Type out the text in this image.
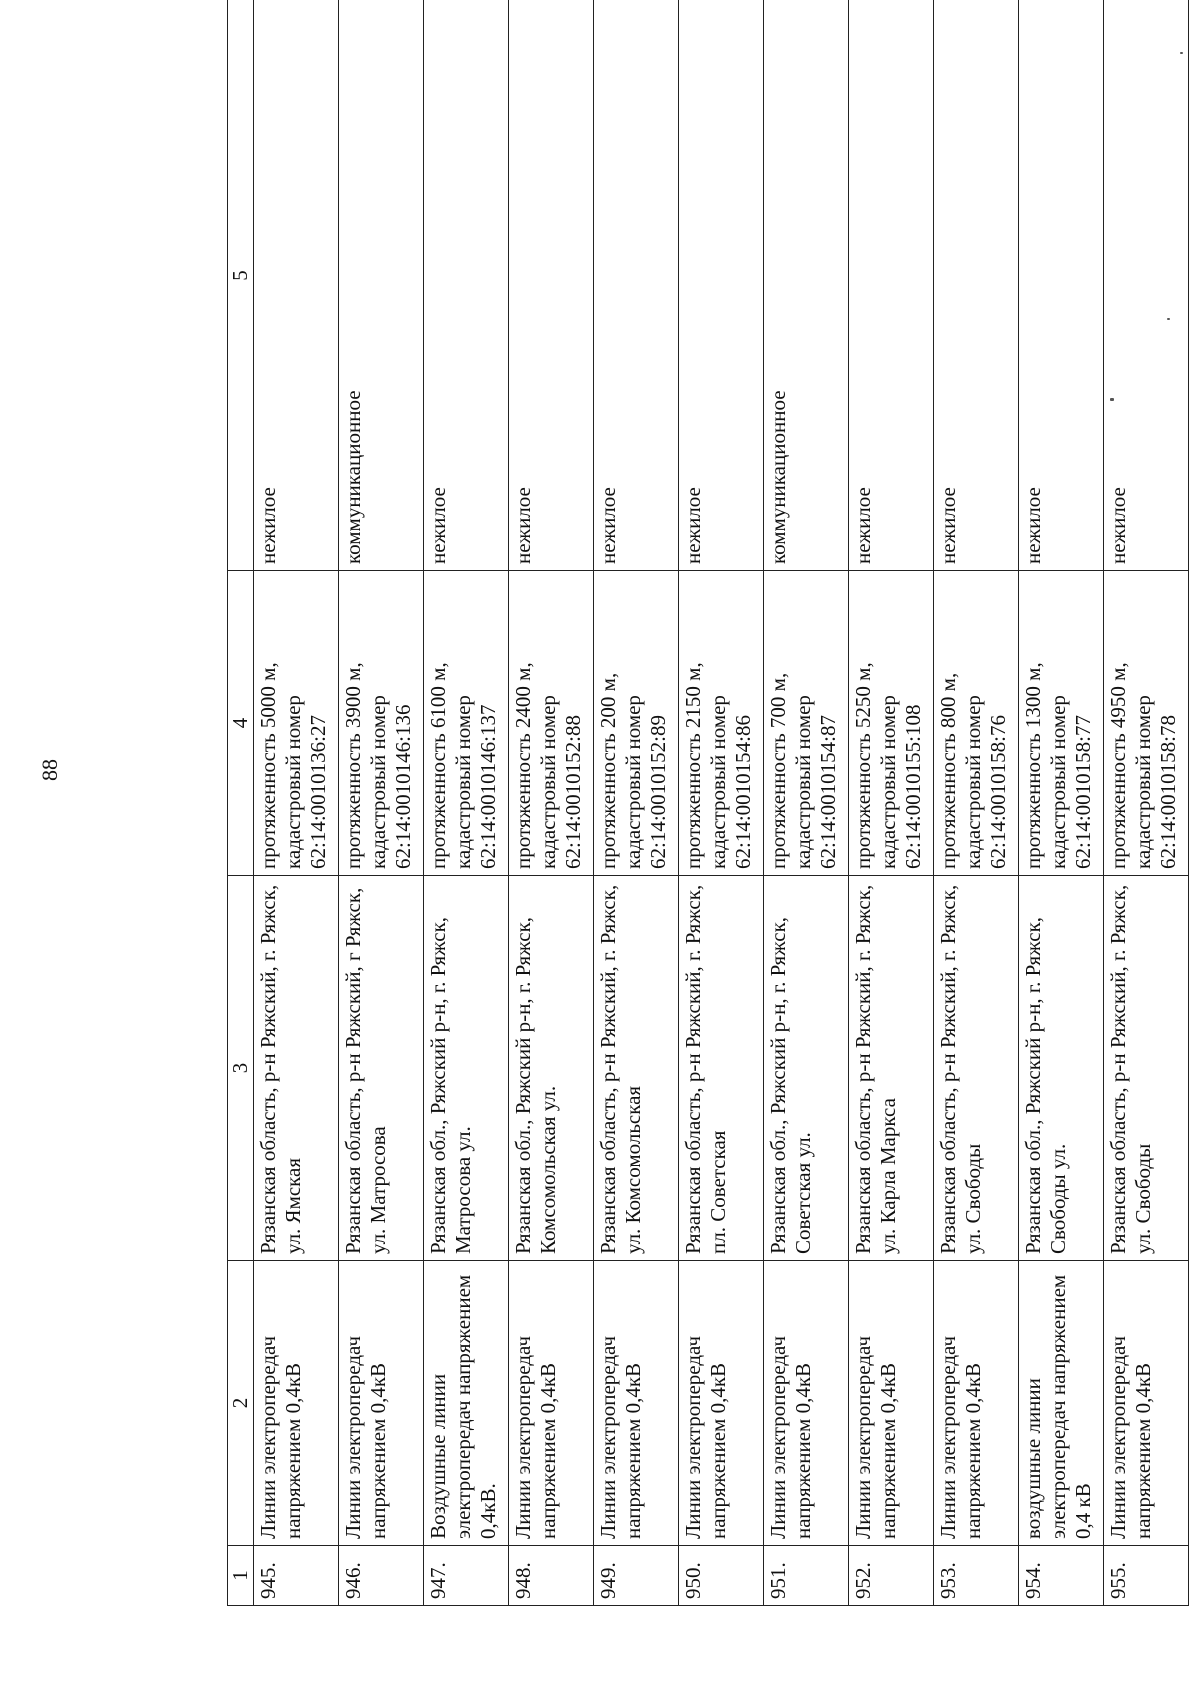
88
1	2	3	4	5
945.	Линии электропередач напряжением 0,4кВ	Рязанская область, р-н Ряжский, г. Ряжск, ул. Ямская	протяженность 5000 м, кадастровый номер 62:14:0010136:27	нежилое
946.	Линии электропередач напряжением 0,4кВ	Рязанская область, р-н Ряжский, г Ряжск, ул. Матросова	протяженность 3900 м, кадастровый номер 62:14:0010146:136	коммуникационное
947.	Воздушные линии электропередач напряжением 0,4кВ.	Рязанская обл., Ряжский р-н, г. Ряжск, Матросова ул.	протяженность 6100 м, кадастровый номер 62:14:0010146:137	нежилое
948.	Линии электропередач напряжением 0,4кВ	Рязанская обл., Ряжский р-н, г. Ряжск, Комсомольская ул.	протяженность 2400 м, кадастровый номер 62:14:0010152:88	нежилое
949.	Линии электропередач напряжением 0,4кВ	Рязанская область, р-н Ряжский, г. Ряжск, ул. Комсомольская	протяженность 200 м, кадастровый номер 62:14:0010152:89	нежилое
950.	Линии электропередач напряжением 0,4кВ	Рязанская область, р-н Ряжский, г. Ряжск, пл. Советская	протяженность 2150 м, кадастровый номер 62:14:0010154:86	нежилое
951.	Линии электропередач напряжением 0,4кВ	Рязанская обл., Ряжский р-н, г. Ряжск, Советская ул.	протяженность 700 м, кадастровый номер 62:14:0010154:87	коммуникационное
952.	Линии электропередач напряжением 0,4кВ	Рязанская область, р-н Ряжский, г. Ряжск, ул. Карла Маркса	протяженность 5250 м, кадастровый номер 62:14:0010155:108	нежилое
953.	Линии электропередач напряжением 0,4кВ	Рязанская область, р-н Ряжский, г. Ряжск, ул. Свободы	протяженность 800 м, кадастровый номер 62:14:0010158:76	нежилое
954.	воздушные линии электропередач напряжением 0,4 кВ	Рязанская обл., Ряжский р-н, г. Ряжск, Свободы ул.	протяженность 1300 м, кадастровый номер 62:14:0010158:77	нежилое
955.	Линии электропередач напряжением 0,4кВ	Рязанская область, р-н Ряжский, г. Ряжск, ул. Свободы	протяженность 4950 м, кадастровый номер 62:14:0010158:78	нежилое
